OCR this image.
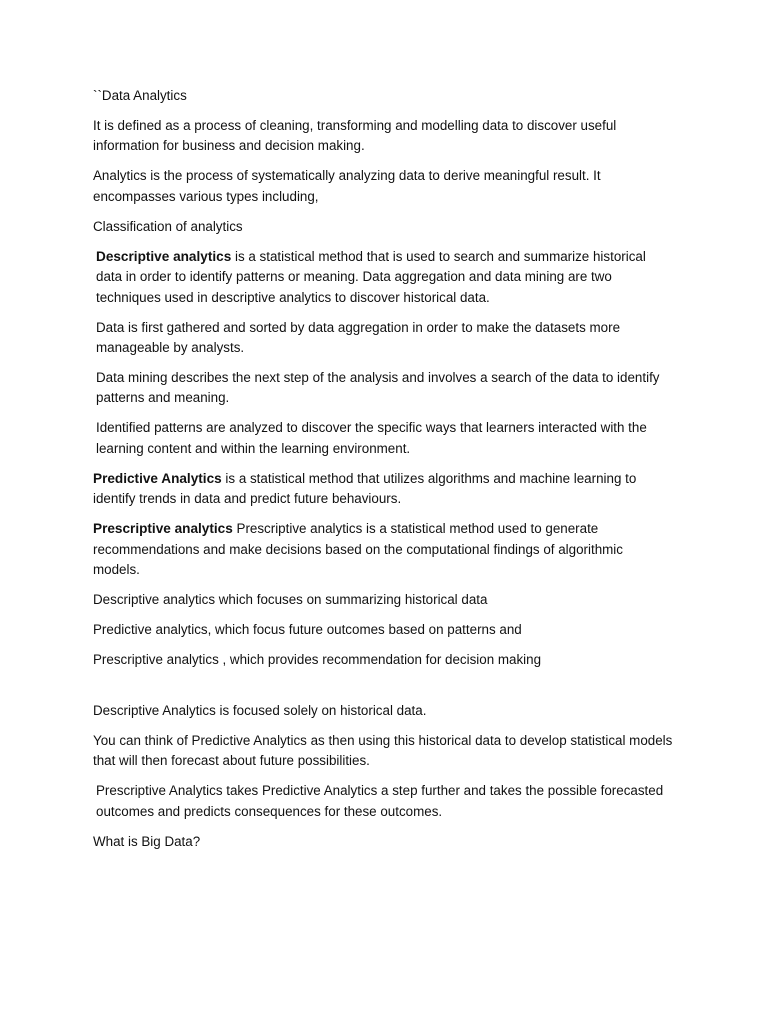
``Data Analytics

It is defined as a process of cleaning, transforming and modelling data to discover useful information for business and decision making.

Analytics is the process of systematically analyzing data to derive meaningful result. It encompasses various types including,

Classification of analytics

Descriptive analytics is a statistical method that is used to search and summarize historical data in order to identify patterns or meaning. Data aggregation and data mining are two techniques used in descriptive analytics to discover historical data.

Data is first gathered and sorted by data aggregation in order to make the datasets more manageable by analysts.

Data mining describes the next step of the analysis and involves a search of the data to identify patterns and meaning.

Identified patterns are analyzed to discover the specific ways that learners interacted with the learning content and within the learning environment.

Predictive Analytics is a statistical method that utilizes algorithms and machine learning to identify trends in data and predict future behaviours.

Prescriptive analytics Prescriptive analytics is a statistical method used to generate recommendations and make decisions based on the computational findings of algorithmic models.

Descriptive analytics which focuses on summarizing historical data

Predictive analytics, which focus future outcomes based on patterns and

Prescriptive analytics , which provides recommendation for decision making

Descriptive Analytics is focused solely on historical data.

You can think of Predictive Analytics as then using this historical data to develop statistical models that will then forecast about future possibilities.

Prescriptive Analytics takes Predictive Analytics a step further and takes the possible forecasted outcomes and predicts consequences for these outcomes.

What is Big Data?
